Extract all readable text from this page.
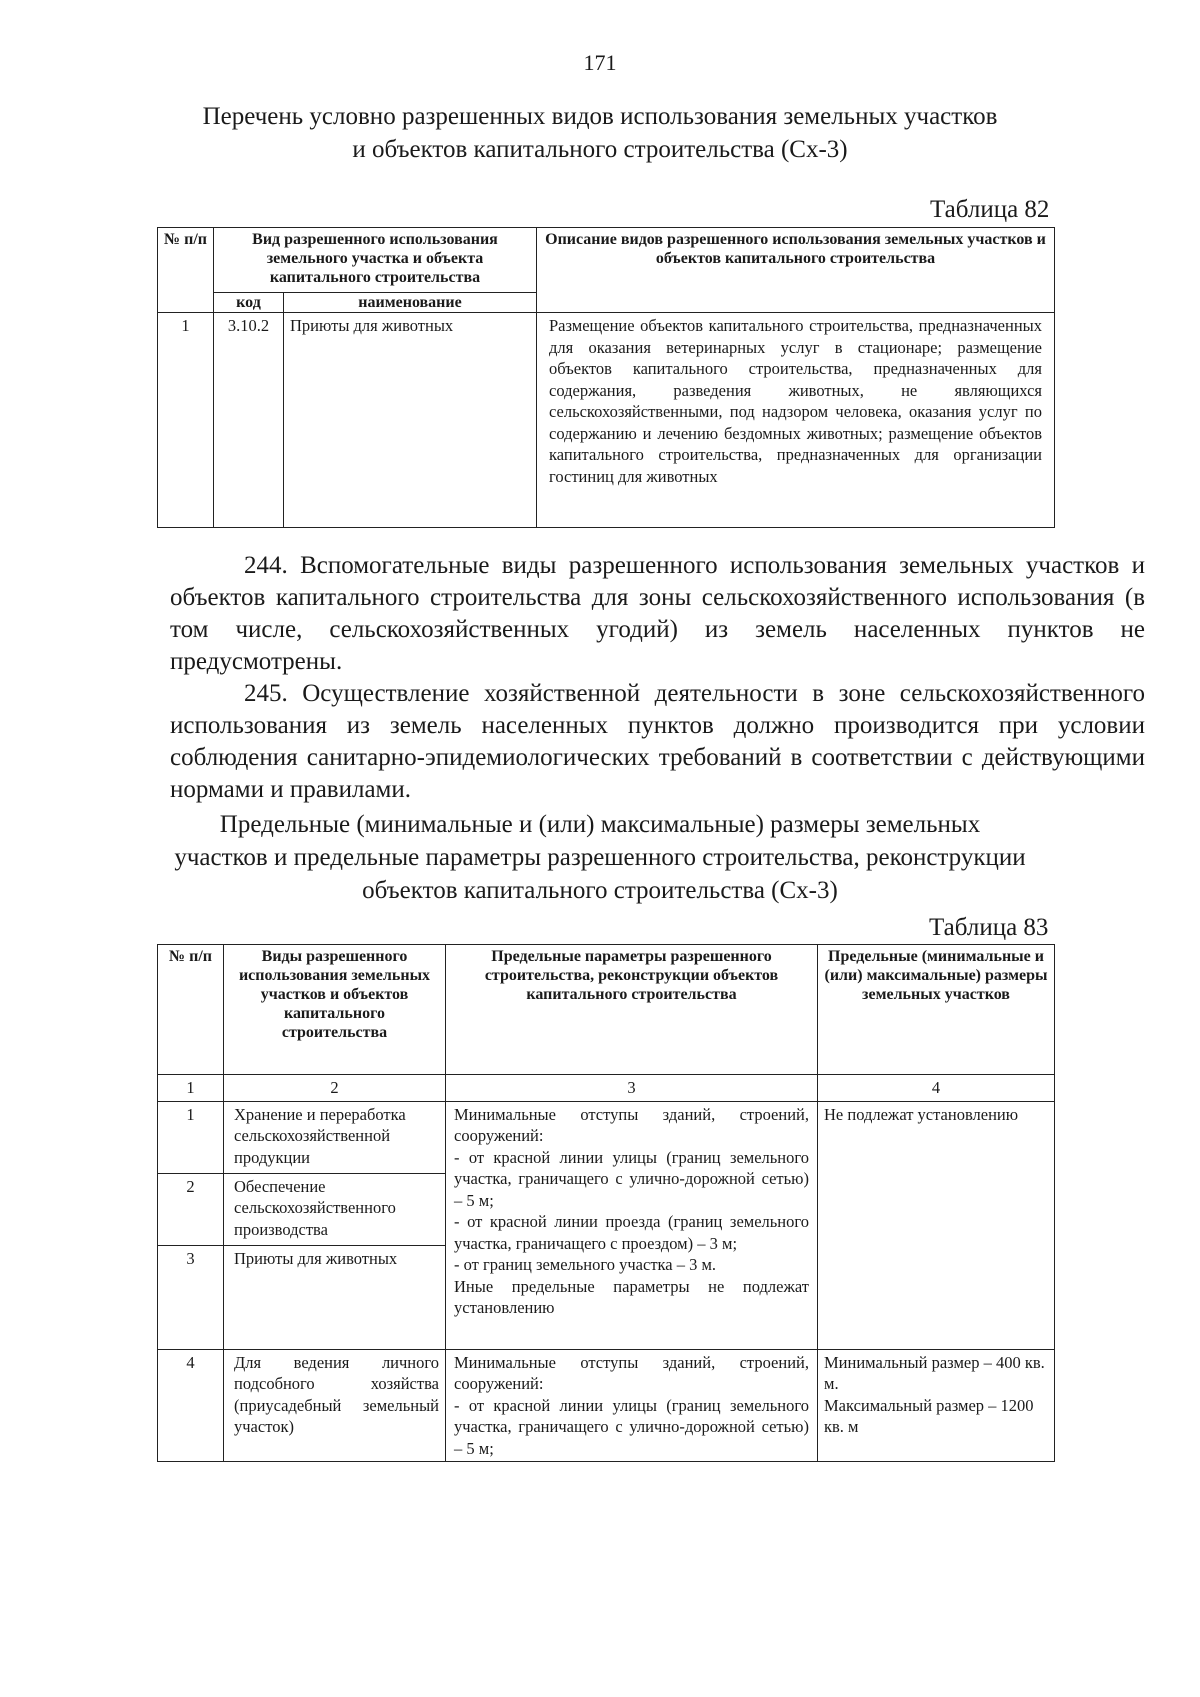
171
Перечень условно разрешенных видов использования земельных участков
и объектов капитального строительства (Сх-3)
Таблица 82
№ п/п	Вид разрешенного использования земельного участка и объекта капитального строительства		Описание видов разрешенного использования земельных участков и объектов капитального строительства
	код	наименование	
1	3.10.2	Приюты для животных	Размещение объектов капитального строительства, предназначенных для оказания ветеринарных услуг в стационаре; размещение объектов капитального строительства, предназначенных для содержания, разведения животных, не являющихся сельскохозяйственными, под надзором человека, оказания услуг по содержанию и лечению бездомных животных; размещение объектов капитального строительства, предназначенных для организации гостиниц для животных
244. Вспомогательные виды разрешенного использования земельных участков и объектов капитального строительства для зоны сельскохозяйственного использования (в том числе, сельскохозяйственных угодий) из земель населенных пунктов не предусмотрены.
245. Осуществление хозяйственной деятельности в зоне сельскохозяйственного использования из земель населенных пунктов должно производится при условии соблюдения санитарно-эпидемиологических требований в соответствии с действующими нормами и правилами.
Предельные (минимальные и (или) максимальные) размеры земельных
участков и предельные параметры разрешенного строительства, реконструкции
объектов капитального строительства (Сх-3)
Таблица 83
№ п/п	Виды разрешенного использования земельных участков и объектов капитального строительства	Предельные параметры разрешенного строительства, реконструкции объектов капитального строительства	Предельные (минимальные и (или) максимальные) размеры земельных участков
1	2	3	4
1	Хранение и переработка сельскохозяйственной продукции	Минимальные отступы зданий, строений, сооружений:
- от красной линии улицы (границ земельного участка, граничащего с улично-дорожной сетью) – 5 м;
- от красной линии проезда (границ земельного участка, граничащего с проездом) – 3 м;
- от границ земельного участка – 3 м.
Иные предельные параметры не подлежат установлению	Не подлежат установлению
2	Обеспечение сельскохозяйственного производства		
3	Приюты для животных		
4	Для ведения личного подсобного хозяйства (приусадебный земельный участок)	Минимальные отступы зданий, строений, сооружений:
- от красной линии улицы (границ земельного участка, граничащего с улично-дорожной сетью) – 5 м;	Минимальный размер – 400 кв. м.
Максимальный размер – 1200 кв. м
